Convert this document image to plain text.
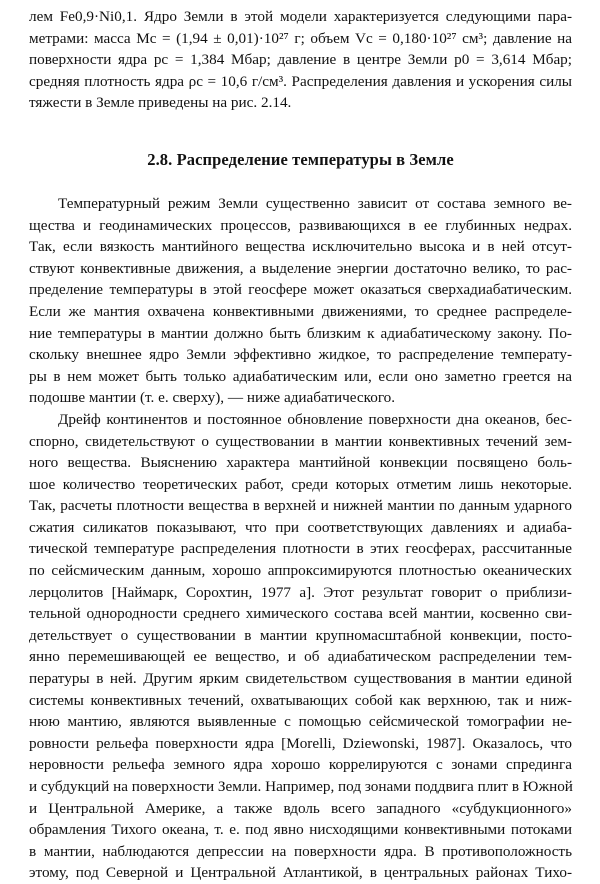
лем Fe0,9·Ni0,1. Ядро Земли в этой модели характеризуется следующими пара-
метрами: масса Mc = (1,94 ± 0,01)·10²⁷ г; объем Vc = 0,180·10²⁷ см³; давление на
поверхности ядра pc = 1,384 Мбар; давление в центре Земли p0 = 3,614 Мбар;
средняя плотность ядра ρc = 10,6 г/см³. Распределения давления и ускорения силы
тяжести в Земле приведены на рис. 2.14.
2.8. Распределение температуры в Земле
Температурный режим Земли существенно зависит от состава земного ве-
щества и геодинамических процессов, развивающихся в ее глубинных недрах.
Так, если вязкость мантийного вещества исключительно высока и в ней отсут-
ствуют конвективные движения, а выделение энергии достаточно велико, то рас-
пределение температуры в этой геосфере может оказаться сверхадиабатическим.
Если же мантия охвачена конвективными движениями, то среднее распределе-
ние температуры в мантии должно быть близким к адиабатическому закону. По-
скольку внешнее ядро Земли эффективно жидкое, то распределение температу-
ры в нем может быть только адиабатическим или, если оно заметно греется на
подошве мантии (т. е. сверху), — ниже адиабатического.
Дрейф континентов и постоянное обновление поверхности дна океанов, бес-
спорно, свидетельствуют о существовании в мантии конвективных течений зем-
ного вещества. Выяснению характера мантийной конвекции посвящено боль-
шое количество теоретических работ, среди которых отметим лишь некоторые.
Так, расчеты плотности вещества в верхней и нижней мантии по данным ударного
сжатия силикатов показывают, что при соответствующих давлениях и адиаба-
тической температуре распределения плотности в этих геосферах, рассчитанные
по сейсмическим данным, хорошо аппроксимируются плотностью океанических
лерцолитов [Наймарк, Сорохтин, 1977 а]. Этот результат говорит о приблизи-
тельной однородности среднего химического состава всей мантии, косвенно сви-
детельствует о существовании в мантии крупномасштабной конвекции, посто-
янно перемешивающей ее вещество, и об адиабатическом распределении тем-
пературы в ней. Другим ярким свидетельством существования в мантии единой
системы конвективных течений, охватывающих собой как верхнюю, так и ниж-
нюю мантию, являются выявленные с помощью сейсмической томографии не-
ровности рельефа поверхности ядра [Morelli, Dziewonski, 1987]. Оказалось, что
неровности рельефа земного ядра хорошо коррелируются с зонами спрединга
и субдукций на поверхности Земли. Например, под зонами поддвига плит в Южной
и Центральной Америке, а также вдоль всего западного «субдукционного»
обрамления Тихого океана, т. е. под явно нисходящими конвективными потоками
в мантии, наблюдаются депрессии на поверхности ядра. В противоположность
этому, под Северной и Центральной Атлантикой, в центральных районах Тихо-
